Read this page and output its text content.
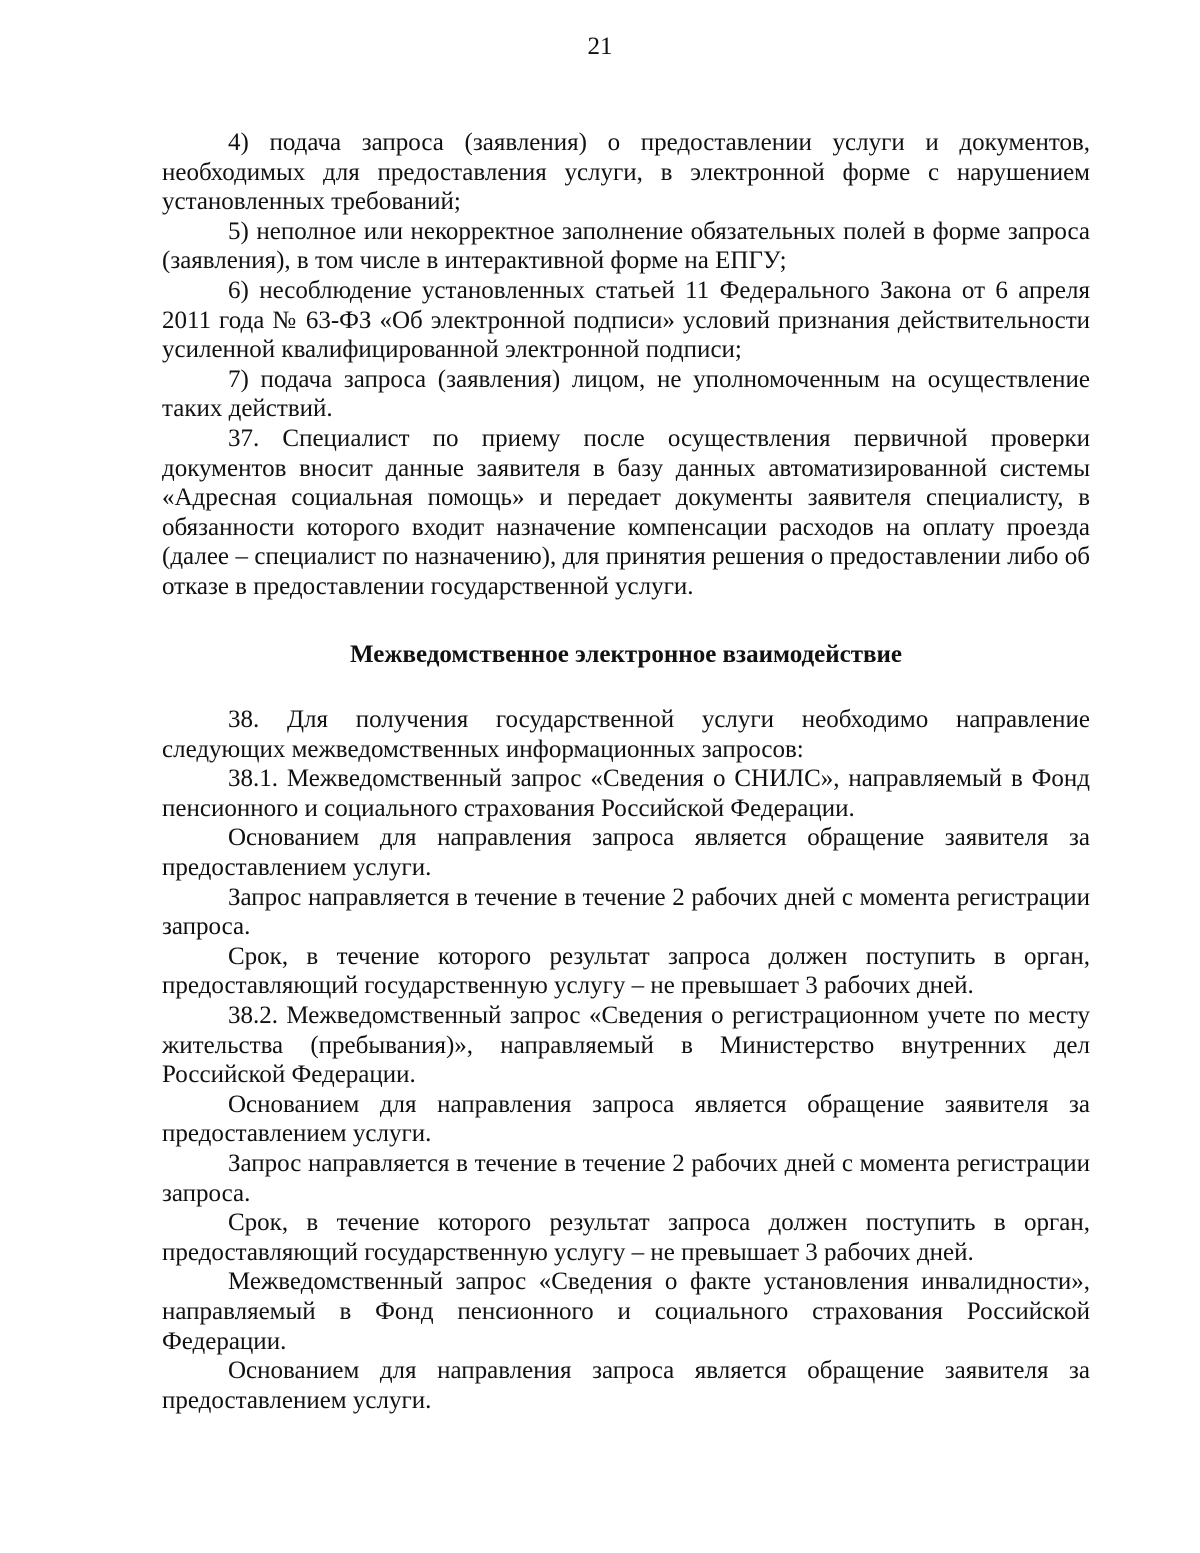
21

4) подача запроса (заявления) о предоставлении услуги и документов, необходимых для предоставления услуги, в электронной форме с нарушением установленных требований;

5) неполное или некорректное заполнение обязательных полей в форме запроса (заявления), в том числе в интерактивной форме на ЕПГУ;

6) несоблюдение установленных статьей 11 Федерального Закона от 6 апреля 2011 года № 63-ФЗ «Об электронной подписи» условий признания действительности усиленной квалифицированной электронной подписи;

7) подача запроса (заявления) лицом, не уполномоченным на осуществление таких действий.

37. Специалист по приему после осуществления первичной проверки документов вносит данные заявителя в базу данных автоматизированной системы «Адресная социальная помощь» и передает документы заявителя специалисту, в обязанности которого входит назначение компенсации расходов на оплату проезда (далее – специалист по назначению), для принятия решения о предоставлении либо об отказе в предоставлении государственной услуги.

Межведомственное электронное взаимодействие

38. Для получения государственной услуги необходимо направление следующих межведомственных информационных запросов:

38.1. Межведомственный запрос «Сведения о СНИЛС», направляемый в Фонд пенсионного и социального страхования Российской Федерации.

Основанием для направления запроса является обращение заявителя за предоставлением услуги.

Запрос направляется в течение в течение 2 рабочих дней с момента регистрации запроса.

Срок, в течение которого результат запроса должен поступить в орган, предоставляющий государственную услугу – не превышает 3 рабочих дней.

38.2. Межведомственный запрос «Сведения о регистрационном учете по месту жительства (пребывания)», направляемый в Министерство внутренних дел Российской Федерации.

Основанием для направления запроса является обращение заявителя за предоставлением услуги.

Запрос направляется в течение в течение 2 рабочих дней с момента регистрации запроса.

Срок, в течение которого результат запроса должен поступить в орган, предоставляющий государственную услугу – не превышает 3 рабочих дней.

Межведомственный запрос «Сведения о факте установления инвалидности», направляемый в Фонд пенсионного и социального страхования Российской Федерации.

Основанием для направления запроса является обращение заявителя за предоставлением услуги.
